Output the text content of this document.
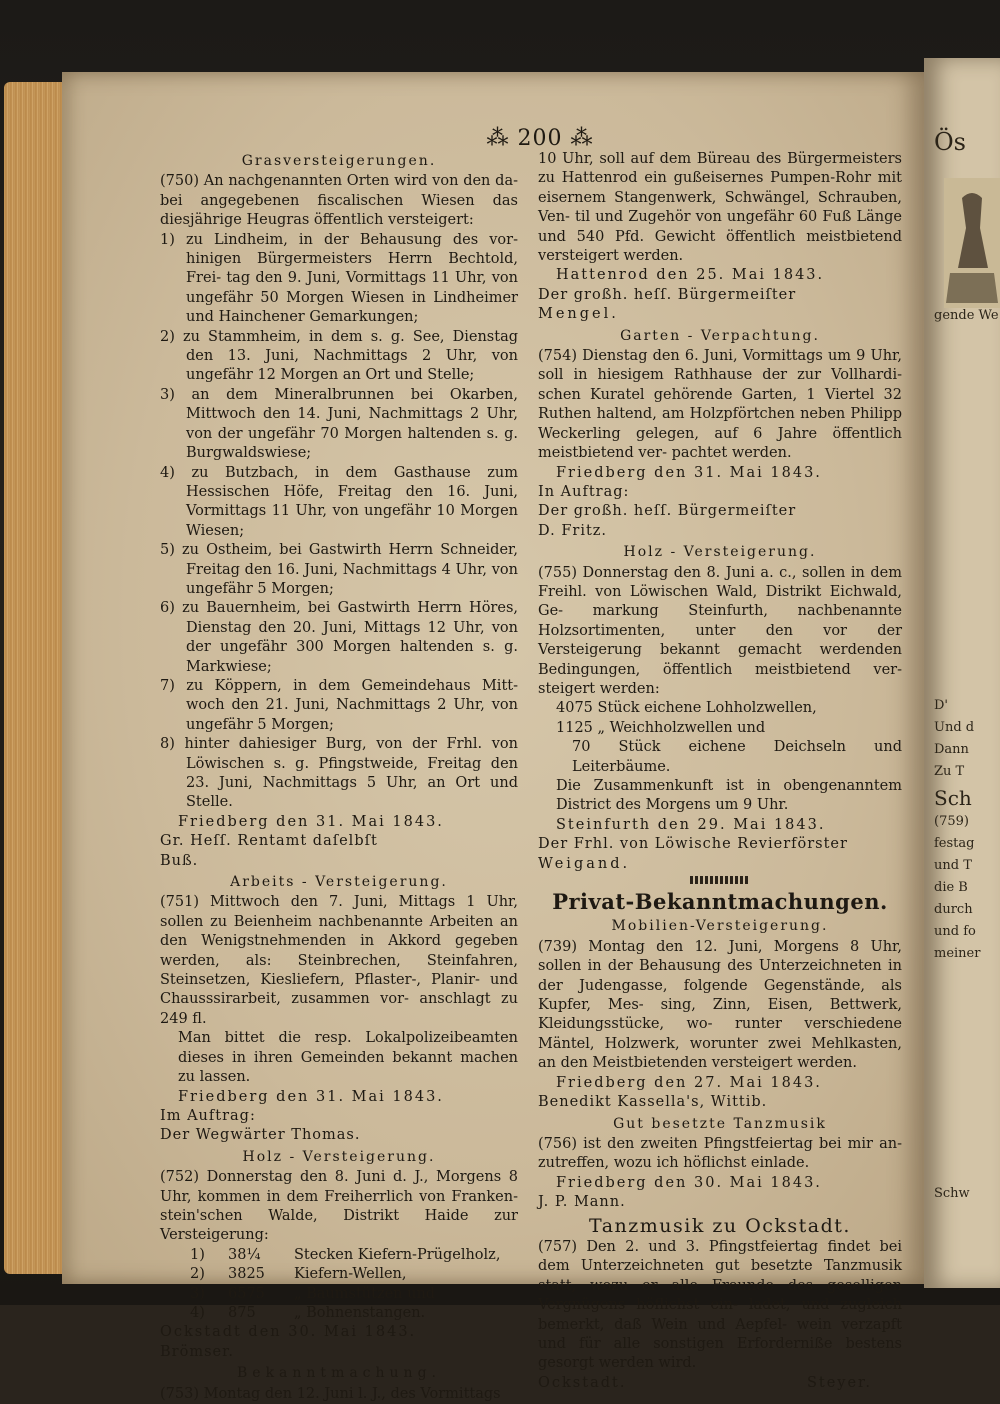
Ös
gende We
D'
Und d
Dann
Zu T
Sch
(759)
festag
und T
die B
durch
und fo
meiner
Schw
⁂ 200 ⁂
Grasversteigerungen.

(750) An nachgenannten Orten wird von den da- bei angegebenen fiscalischen Wiesen das diesjährige Heugras öffentlich versteigert:

1) zu Lindheim, in der Behausung des vor- hinigen Bürgermeisters Herrn Bechtold, Frei- tag den 9. Juni, Vormittags 11 Uhr, von ungefähr 50 Morgen Wiesen in Lindheimer und Hainchener Gemarkungen;

2) zu Stammheim, in dem s. g. See, Dienstag den 13. Juni, Nachmittags 2 Uhr, von ungefähr 12 Morgen an Ort und Stelle;

3) an dem Mineralbrunnen bei Okarben, Mittwoch den 14. Juni, Nachmittags 2 Uhr, von der ungefähr 70 Morgen haltenden s. g. Burgwaldswiese;

4) zu Butzbach, in dem Gasthause zum Hessischen Höfe, Freitag den 16. Juni, Vormittags 11 Uhr, von ungefähr 10 Morgen Wiesen;

5) zu Ostheim, bei Gastwirth Herrn Schneider, Freitag den 16. Juni, Nachmittags 4 Uhr, von ungefähr 5 Morgen;

6) zu Bauernheim, bei Gastwirth Herrn Höres, Dienstag den 20. Juni, Mittags 12 Uhr, von der ungefähr 300 Morgen haltenden s. g. Markwiese;

7) zu Köppern, in dem Gemeindehaus Mitt- woch den 21. Juni, Nachmittags 2 Uhr, von ungefähr 5 Morgen;

8) hinter dahiesiger Burg, von der Frhl. von Löwischen s. g. Pfingstweide, Freitag den 23. Juni, Nachmittags 5 Uhr, an Ort und Stelle.

Friedberg den 31. Mai 1843.

Gr. Heſſ. Rentamt daſelbſt

Buß.

Arbeits - Versteigerung.

(751) Mittwoch den 7. Juni, Mittags 1 Uhr, sollen zu Beienheim nachbenannte Arbeiten an den Wenigstnehmenden in Akkord gegeben werden, als: Steinbrechen, Steinfahren, Steinsetzen, Kiesliefern, Pflaster-, Planir- und Chausssirarbeit, zusammen vor- anschlagt zu 249 fl.

Man bittet die resp. Lokalpolizeibeamten dieses in ihren Gemeinden bekannt machen zu lassen.

Friedberg den 31. Mai 1843.

Im Auftrag:

Der Wegwärter Thomas.

Holz - Versteigerung.

(752) Donnerstag den 8. Juni d. J., Morgens 8 Uhr, kommen in dem Freiherrlich von Franken- stein'schen Walde, Distrikt Haide zur Versteigerung:

1)	38¼	Stecken Kiefern-Prügelholz,
2)	3825	Kiefern-Wellen,
3)	6575	„ Baumstützen und
4)	875	„ Bohnenstangen.

Ockstadt den 30. Mai 1843.

Brömser.

Bekanntmachung.

(753) Montag den 12. Juni l. J., des Vormittags

10 Uhr, soll auf dem Büreau des Bürgermeisters zu Hattenrod ein gußeisernes Pumpen-Rohr mit eisernem Stangenwerk, Schwängel, Schrauben, Ven- til und Zugehör von ungefähr 60 Fuß Länge und 540 Pfd. Gewicht öffentlich meistbietend versteigert werden.

Hattenrod den 25. Mai 1843.

Der großh. heſſ. Bürgermeiſter

Mengel.

Garten - Verpachtung.

(754) Dienstag den 6. Juni, Vormittags um 9 Uhr, soll in hiesigem Rathhause der zur Vollhardi- schen Kuratel gehörende Garten, 1 Viertel 32 Ruthen haltend, am Holzpförtchen neben Philipp Weckerling gelegen, auf 6 Jahre öffentlich meistbietend ver- pachtet werden.

Friedberg den 31. Mai 1843.

In Auftrag:

Der großh. heſſ. Bürgermeiſter

D. Fritz.

Holz - Versteigerung.

(755) Donnerstag den 8. Juni a. c., sollen in dem Freihl. von Löwischen Wald, Distrikt Eichwald, Ge- markung Steinfurth, nachbenannte Holzsortimenten, unter den vor der Versteigerung bekannt gemacht werdenden Bedingungen, öffentlich meistbietend ver- steigert werden:

4075 Stück eichene Lohholzwellen,

1125 „ Weichholzwellen und

70 Stück eichene Deichseln und Leiterbäume.

Die Zusammenkunft ist in obengenanntem District des Morgens um 9 Uhr.

Steinfurth den 29. Mai 1843.

Der Frhl. von Löwische Revierförster

Weigand.

Privat-Bekanntmachungen.
Mobilien-Versteigerung.

(739) Montag den 12. Juni, Morgens 8 Uhr, sollen in der Behausung des Unterzeichneten in der Judengasse, folgende Gegenstände, als Kupfer, Mes- sing, Zinn, Eisen, Bettwerk, Kleidungsstücke, wo- runter verschiedene Mäntel, Holzwerk, worunter zwei Mehlkasten, an den Meistbietenden versteigert werden.

Friedberg den 27. Mai 1843.

Benedikt Kassella's, Wittib.

Gut besetzte Tanzmusik

(756) ist den zweiten Pfingstfeiertag bei mir an- zutreffen, wozu ich höflichst einlade.

Friedberg den 30. Mai 1843.

J. P. Mann.

Tanzmusik zu Ockstadt.

(757) Den 2. und 3. Pfingstfeiertag findet bei dem Unterzeichneten gut besetzte Tanzmusik statt, wozu er alle Freunde des geselligen Vergnügens höflichst ein- ladet, und zugleich bemerkt, daß Wein und Aepfel- wein verzapft und für alle sonstigen Erforderniße bestens gesorgt werden wird.

Ockstadt.	Steyer.
